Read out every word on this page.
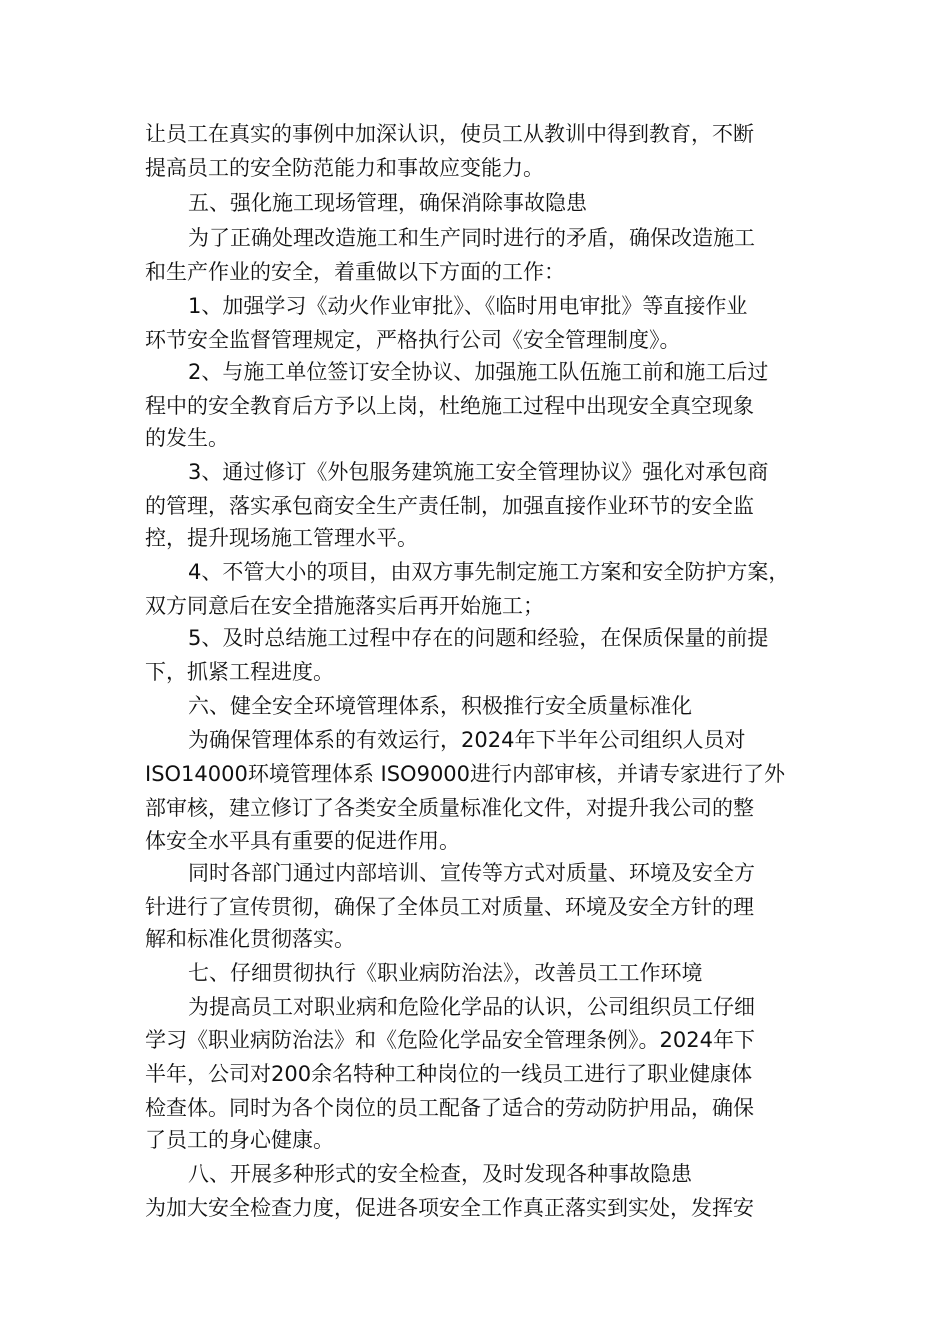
让员工在真实的事例中加深认识，使员工从教训中得到教育，不断
提高员工的安全防范能力和事故应变能力。
五、强化施工现场管理，确保消除事故隐患
为了正确处理改造施工和生产同时进行的矛盾，确保改造施工
和生产作业的安全，着重做以下方面的工作：
1、加强学习《动火作业审批》、《临时用电审批》等直接作业
环节安全监督管理规定，严格执行公司《安全管理制度》。
2、与施工单位签订安全协议、加强施工队伍施工前和施工后过
程中的安全教育后方予以上岗，杜绝施工过程中出现安全真空现象
的发生。
3、通过修订《外包服务建筑施工安全管理协议》强化对承包商
的管理，落实承包商安全生产责任制，加强直接作业环节的安全监
控，提升现场施工管理水平。
4、不管大小的项目，由双方事先制定施工方案和安全防护方案，
双方同意后在安全措施落实后再开始施工；
5、及时总结施工过程中存在的问题和经验，在保质保量的前提
下，抓紧工程进度。
六、健全安全环境管理体系，积极推行安全质量标准化
为确保管理体系的有效运行，2024年下半年公司组织人员对
ISO14000环境管理体系 ISO9000进行内部审核，并请专家进行了外
部审核，建立修订了各类安全质量标准化文件，对提升我公司的整
体安全水平具有重要的促进作用。
同时各部门通过内部培训、宣传等方式对质量、环境及安全方
针进行了宣传贯彻，确保了全体员工对质量、环境及安全方针的理
解和标准化贯彻落实。
七、仔细贯彻执行《职业病防治法》，改善员工工作环境
为提高员工对职业病和危险化学品的认识，公司组织员工仔细
学习《职业病防治法》和《危险化学品安全管理条例》。2024年下
半年，公司对200余名特种工种岗位的一线员工进行了职业健康体
检查体。同时为各个岗位的员工配备了适合的劳动防护用品，确保
了员工的身心健康。
八、开展多种形式的安全检查，及时发现各种事故隐患
为加大安全检查力度，促进各项安全工作真正落实到实处，发挥安
